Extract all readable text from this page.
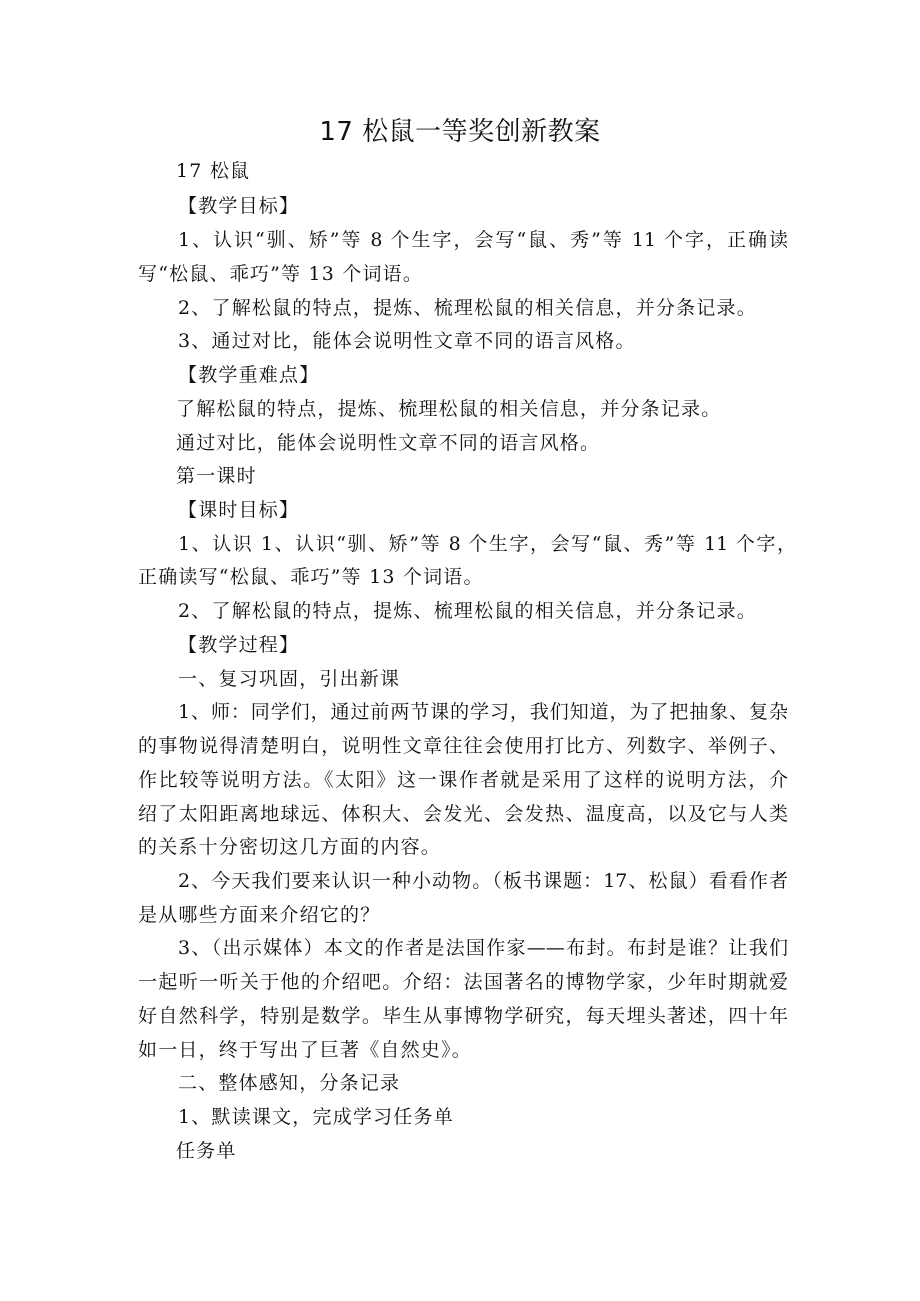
17 松鼠一等奖创新教案
17 松鼠
【教学目标】
1、认识“驯、矫”等 8 个生字，会写“鼠、秀”等 11 个字，正确读
写“松鼠、乖巧”等 13 个词语。
2、了解松鼠的特点，提炼、梳理松鼠的相关信息，并分条记录。
3、通过对比，能体会说明性文章不同的语言风格。
【教学重难点】
了解松鼠的特点，提炼、梳理松鼠的相关信息，并分条记录。
通过对比，能体会说明性文章不同的语言风格。
第一课时
【课时目标】
1、认识 1、认识“驯、矫”等 8 个生字，会写“鼠、秀”等 11 个字，
正确读写“松鼠、乖巧”等 13 个词语。
2、了解松鼠的特点，提炼、梳理松鼠的相关信息，并分条记录。
【教学过程】
一、复习巩固，引出新课
1、师：同学们，通过前两节课的学习，我们知道，为了把抽象、复杂
的事物说得清楚明白，说明性文章往往会使用打比方、列数字、举例子、
作比较等说明方法。《太阳》这一课作者就是采用了这样的说明方法，介
绍了太阳距离地球远、体积大、会发光、会发热、温度高，以及它与人类
的关系十分密切这几方面的内容。
2、今天我们要来认识一种小动物。（板书课题：17、松鼠）看看作者
是从哪些方面来介绍它的？
3、（出示媒体）本文的作者是法国作家——布封。布封是谁？让我们
一起听一听关于他的介绍吧。介绍：法国著名的博物学家，少年时期就爱
好自然科学，特别是数学。毕生从事博物学研究，每天埋头著述，四十年
如一日，终于写出了巨著《自然史》。
二、整体感知，分条记录
1、默读课文，完成学习任务单
任务单
